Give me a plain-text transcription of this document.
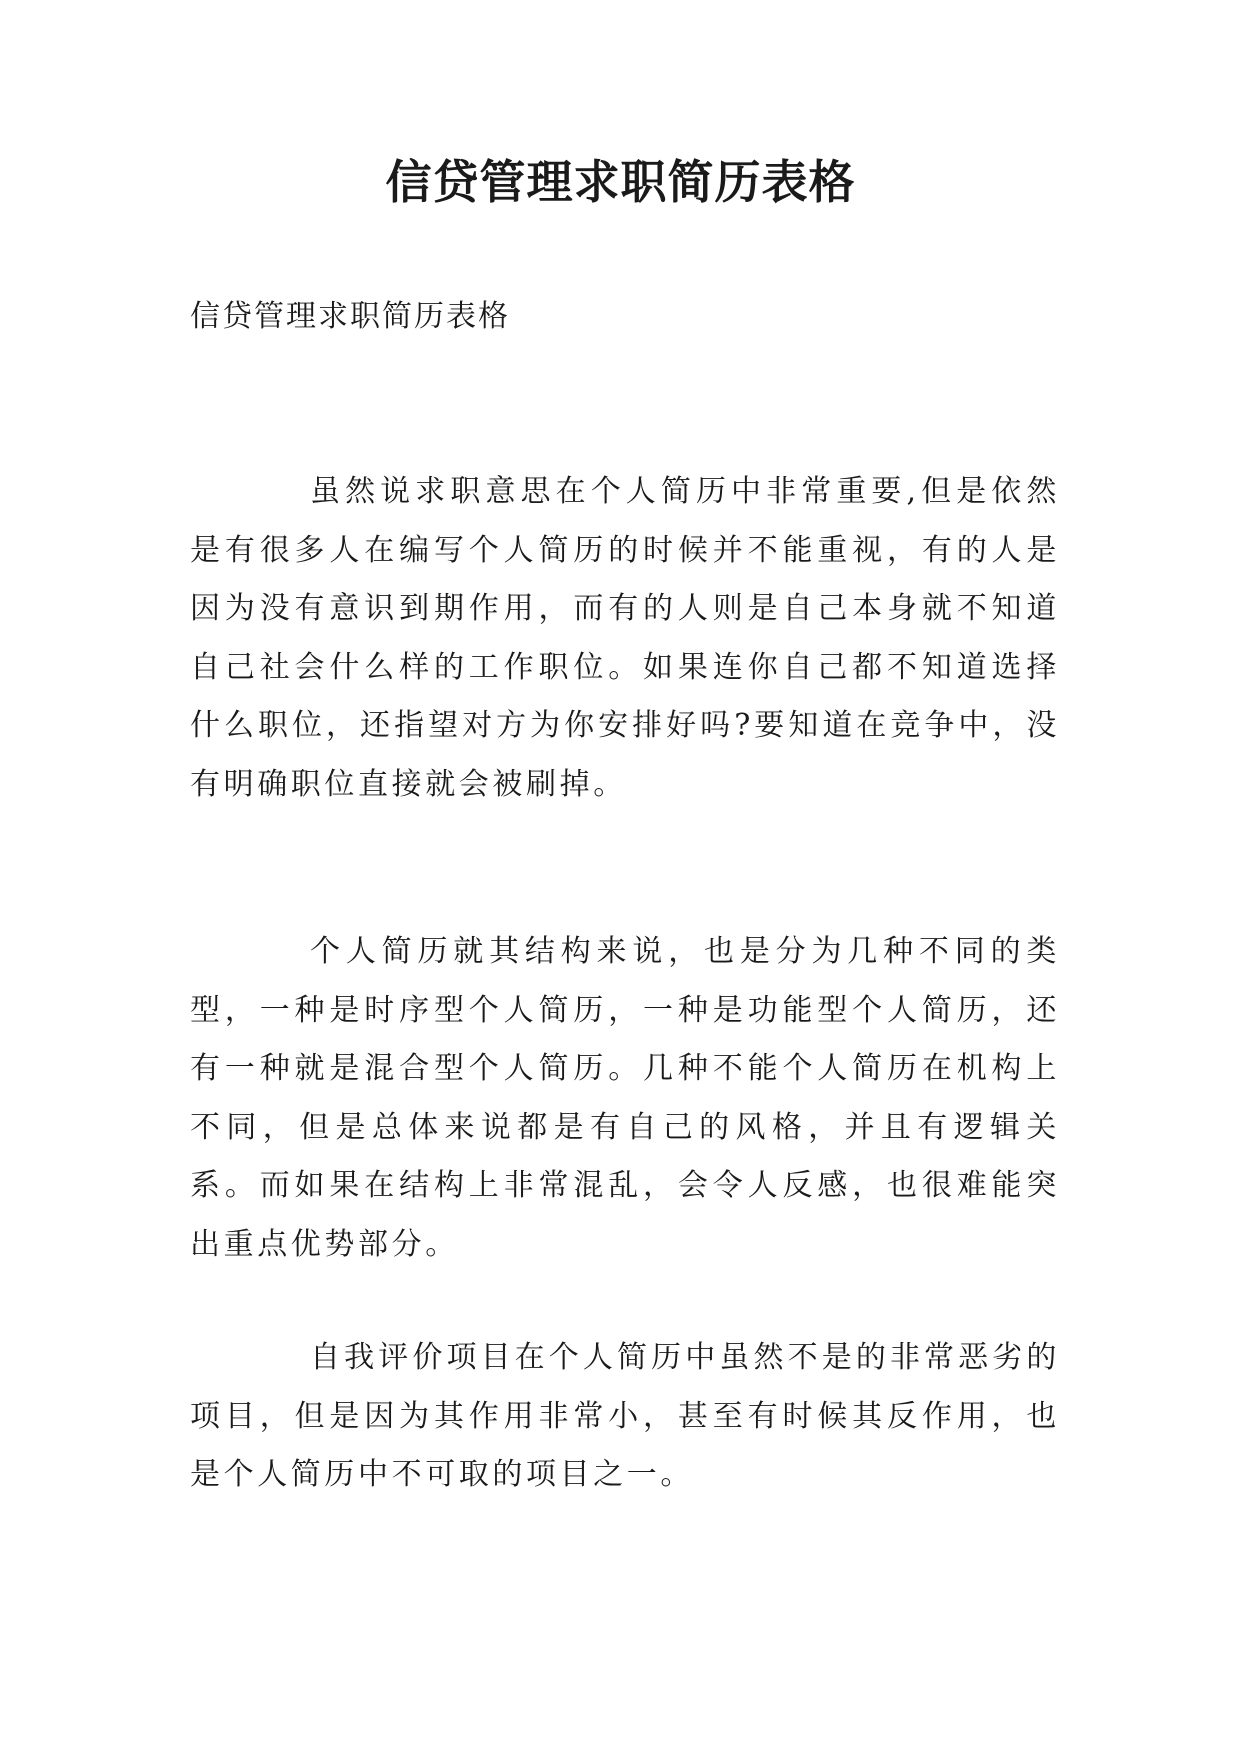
信贷管理求职简历表格

信贷管理求职简历表格

虽然说求职意思在个人简历中非常重要,但是依然是有很多人在编写个人简历的时候并不能重视，有的人是因为没有意识到期作用，而有的人则是自己本身就不知道自己社会什么样的工作职位。如果连你自己都不知道选择什么职位，还指望对方为你安排好吗?要知道在竞争中，没有明确职位直接就会被刷掉。

个人简历就其结构来说，也是分为几种不同的类型，一种是时序型个人简历，一种是功能型个人简历，还有一种就是混合型个人简历。几种不能个人简历在机构上不同，但是总体来说都是有自己的风格，并且有逻辑关系。而如果在结构上非常混乱，会令人反感，也很难能突出重点优势部分。

自我评价项目在个人简历中虽然不是的非常恶劣的项目，但是因为其作用非常小，甚至有时候其反作用，也是个人简历中不可取的项目之一。
